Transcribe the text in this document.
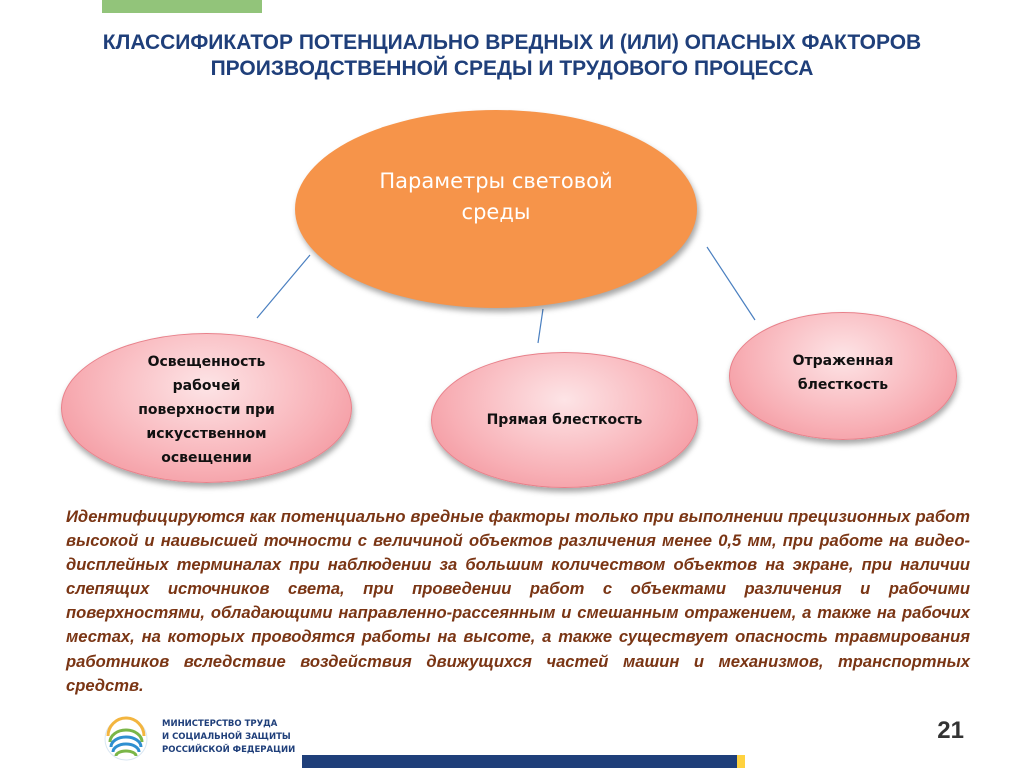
КЛАССИФИКАТОР ПОТЕНЦИАЛЬНО ВРЕДНЫХ И (ИЛИ) ОПАСНЫХ ФАКТОРОВ
ПРОИЗВОДСТВЕННОЙ СРЕДЫ И ТРУДОВОГО ПРОЦЕССА
Параметры световой
среды
Освещенность
рабочей
поверхности при
искусственном
освещении
Прямая блесткость
Отраженная
блесткость

Идентифицируются как потенциально вредные факторы только при выполнении прецизионных работ высокой и наивысшей точности с величиной объектов различения менее 0,5 мм, при работе на видео-дисплейных терминалах при наблюдении за большим количеством объектов на экране, при наличии слепящих источников света, при проведении работ с объектами различения и рабочими поверхностями, обладающими направленно-рассеянным и смешанным отражением, а также на рабочих местах, на которых проводятся работы на высоте, а также существует опасность травмирования работников вследствие воздействия движущихся частей машин и механизмов, транспортных средств.

МИНИСТЕРСТВО ТРУДА
И СОЦИАЛЬНОЙ ЗАЩИТЫ
РОССИЙСКОЙ ФЕДЕРАЦИИ
21
